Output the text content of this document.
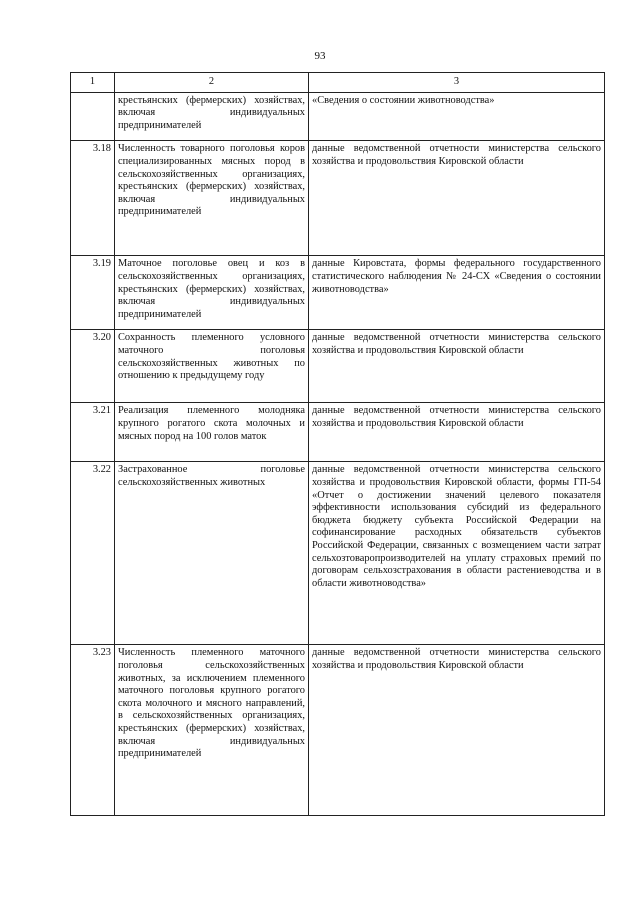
93
1	2	3
	крестьянских (фермерских) хозяйствах, включая индивидуальных предпринимателей	«Сведения о состоянии животноводства»
3.18	Численность товарного поголовья коров специализированных мясных пород в сельскохозяйственных организациях, крестьянских (фермерских) хозяйствах, включая индивидуальных предпринимателей	данные ведомственной отчетности министерства сельского хозяйства и продовольствия Кировской области
3.19	Маточное поголовье овец и коз в сельскохозяйственных организациях, крестьянских (фермерских) хозяйствах, включая индивидуальных предпринимателей	данные Кировстата, формы федерального государственного статистического наблюдения № 24-СХ «Сведения о состоянии животноводства»
3.20	Сохранность племенного условного маточного поголовья сельскохозяйственных животных по отношению к предыдущему году	данные ведомственной отчетности министерства сельского хозяйства и продовольствия Кировской области
3.21	Реализация племенного молодняка крупного рогатого скота молочных и мясных пород на 100 голов маток	данные ведомственной отчетности министерства сельского хозяйства и продовольствия Кировской области
3.22	Застрахованное поголовье сельскохозяйственных животных	данные ведомственной отчетности министерства сельского хозяйства и продовольствия Кировской области, формы ГП-54 «Отчет о достижении значений целевого показателя эффективности использования субсидий из федерального бюджета бюджету субъекта Российской Федерации на софинансирование расходных обязательств субъектов Российской Федерации, связанных с возмещением части затрат сельхозтоваропроизводителей на уплату страховых премий по договорам сельхозстрахования в области растениеводства и в области животноводства»
3.23	Численность племенного маточного поголовья сельскохозяйственных животных, за исключением племенного маточного поголовья крупного рогатого скота молочного и мясного направлений, в сельскохозяйственных организациях, крестьянских (фермерских) хозяйствах, включая индивидуальных предпринимателей	данные ведомственной отчетности министерства сельского хозяйства и продовольствия Кировской области
